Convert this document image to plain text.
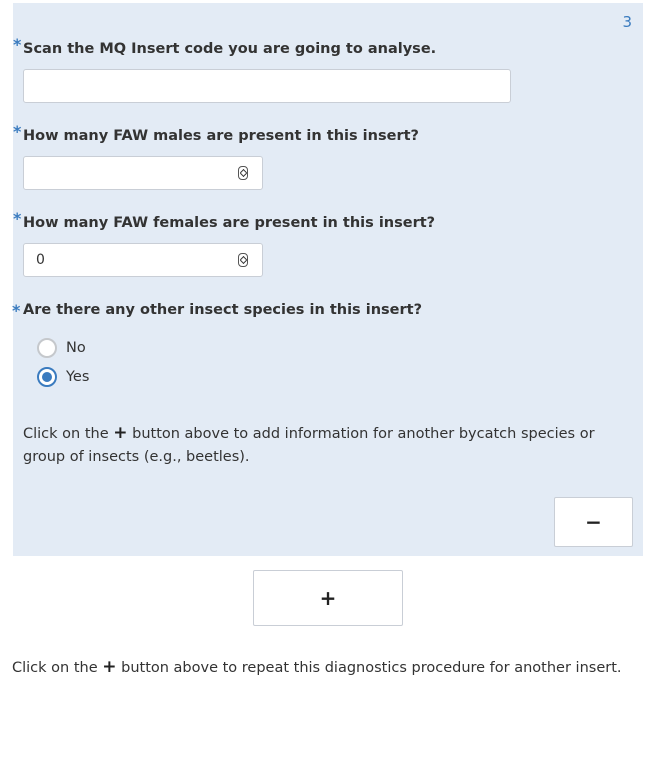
3
* Scan the MQ Insert code you are going to analyse.
* How many FAW males are present in this insert?
* How many FAW females are present in this insert?
0
* Are there any other insect species in this insert?
No
Yes
Click on the + button above to add information for another bycatch species or group of insects (e.g., beetles).
−
+
Click on the + button above to repeat this diagnostics procedure for another insert.
